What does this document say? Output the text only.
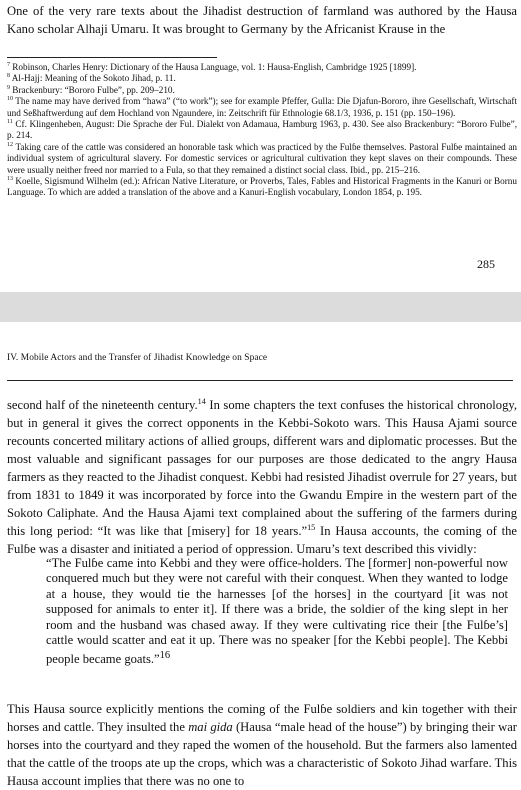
One of the very rare texts about the Jihadist destruction of farmland was authored by the Hausa Kano scholar Alhaji Umaru. It was brought to Germany by the Africanist Krause in the

$^7$ Robinson, Charles Henry: Dictionary of the Hausa Language, vol. 1: Hausa-English, Cambridge 1925 [1899].

$^8$ Al-Hajj: Meaning of the Sokoto Jihad, p. 11.

$^9$ Brackenbury: “Bororo Fulbe”, pp. 209–210.

$^{10}$ The name may have derived from “hawa” (“to work”); see for example Pfeffer, Gulla: Die Djafun-Bororo, ihre Gesellschaft, Wirtschaft und Seßhaftwerdung auf dem Hochland von Ngaundere, in: Zeitschrift für Ethnologie 68.1/3, 1936, p. 151 (pp. 150–196).

$^{11}$ Cf. Klingenheben, August: Die Sprache der Ful. Dialekt von Adamaua, Hamburg 1963, p. 430. See also Brackenbury: “Bororo Fulbe”, p. 214.

$^{12}$ Taking care of the cattle was considered an honorable task which was practiced by the Fulɓe themselves. Pastoral Fulɓe maintained an individual system of agricultural slavery. For domestic services or agricultural cultivation they kept slaves on their compounds. These were usually neither freed nor married to a Fula, so that they remained a distinct social class. Ibid., pp. 215–216.

$^{13}$ Koelle, Sigismund Wilhelm (ed.): African Native Literature, or Proverbs, Tales, Fables and Historical Fragments in the Kanuri or Bornu Language. To which are added a translation of the above and a Kanuri-English vocabulary, London 1854, p. 195.

285
IV. Mobile Actors and the Transfer of Jihadist Knowledge on Space

second half of the nineteenth century.$^{14}$ In some chapters the text confuses the historical chronology, but in general it gives the correct opponents in the Kebbi-Sokoto wars. This Hausa Ajami source recounts concerted military actions of allied groups, different wars and diplomatic processes. But the most valuable and significant passages for our purposes are those dedicated to the angry Hausa farmers as they reacted to the Jihadist conquest. Kebbi had resisted Jihadist overrule for 27 years, but from 1831 to 1849 it was incorporated by force into the Gwandu Empire in the western part of the Sokoto Caliphate. And the Hausa Ajami text complained about the suffering of the farmers during this long period: “It was like that [misery] for 18 years.”$^{15}$ In Hausa accounts, the coming of the Fulɓe was a disaster and initiated a period of oppression. Umaru’s text described this vividly:

“The Fulɓe came into Kebbi and they were office-holders. The [former] non-powerful now conquered much but they were not careful with their conquest. When they wanted to lodge at a house, they would tie the harnesses [of the horses] in the courtyard [it was not supposed for animals to enter it]. If there was a bride, the soldier of the king slept in her room and the husband was chased away. If they were cultivating rice their [the Fulɓe’s] cattle would scatter and eat it up. There was no speaker [for the Kebbi people]. The Kebbi people became goats.”$^{16}$

This Hausa source explicitly mentions the coming of the Fulɓe soldiers and kin together with their horses and cattle. They insulted the mai gida (Hausa “male head of the house”) by bringing their war horses into the courtyard and they raped the women of the household. But the farmers also lamented that the cattle of the troops ate up the crops, which was a characteristic of Sokoto Jihad warfare. This Hausa account implies that there was no one to
